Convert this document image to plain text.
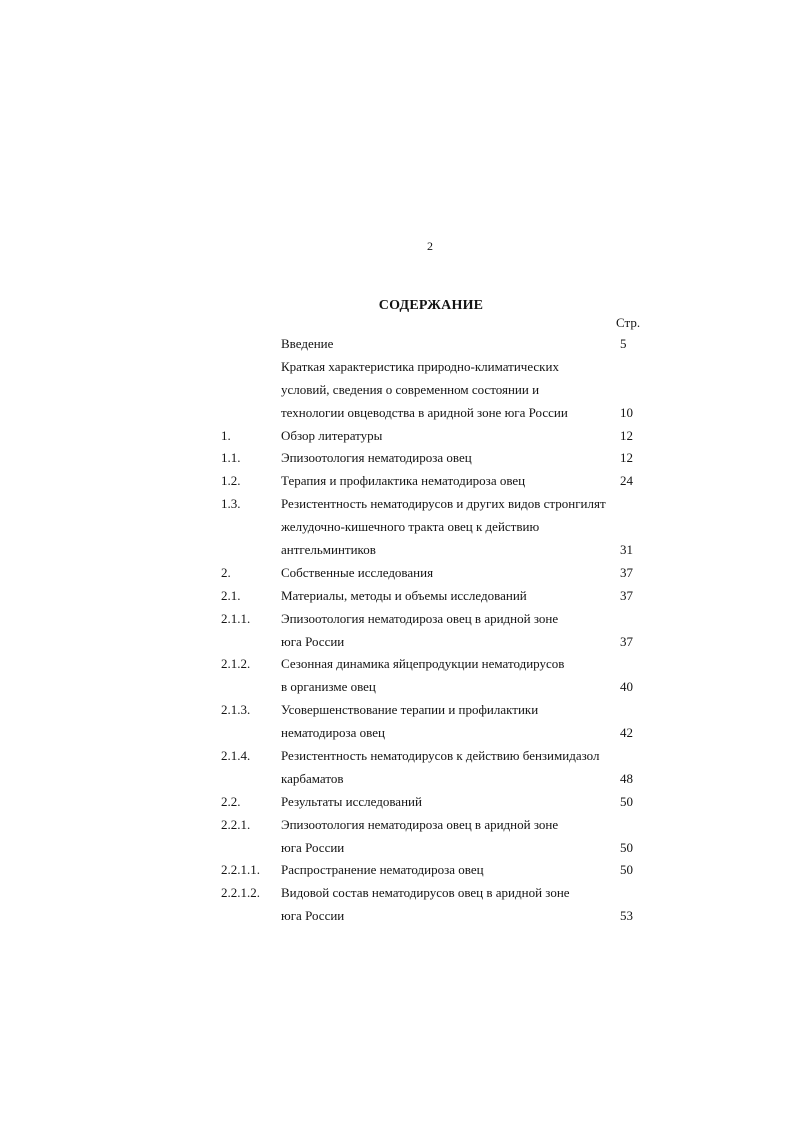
2
СОДЕРЖАНИЕ
Стр.
Введение	5
Краткая характеристика природно-климатических
условий, сведения о современном состоянии и
технологии овцеводства в аридной зоне юга России	10
1.	Обзор литературы	12
1.1.	Эпизоотология нематодироза овец	12
1.2.	Терапия и профилактика нематодироза овец	24
1.3.	Резистентность нематодирусов и других видов стронгилят
желудочно-кишечного тракта овец к действию
антгельминтиков	31
2.	Собственные исследования	37
2.1.	Материалы, методы и объемы исследований	37
2.1.1. Эпизоотология нематодироза овец в аридной зоне
юга России	37
2.1.2. Сезонная динамика яйцепродукции нематодирусов
в организме овец	40
2.1.3. Усовершенствование терапии и профилактики
нематодироза овец	42
2.1.4. Резистентность нематодирусов к действию бензимидазол
карбаматов	48
2.2.	Результаты исследований	50
2.2.1. Эпизоотология нематодироза овец в аридной зоне
юга России	50
2.2.1.1. Распространение нематодироза овец	50
2.2.1.2. Видовой состав нематодирусов овец в аридной зоне
юга России	53
